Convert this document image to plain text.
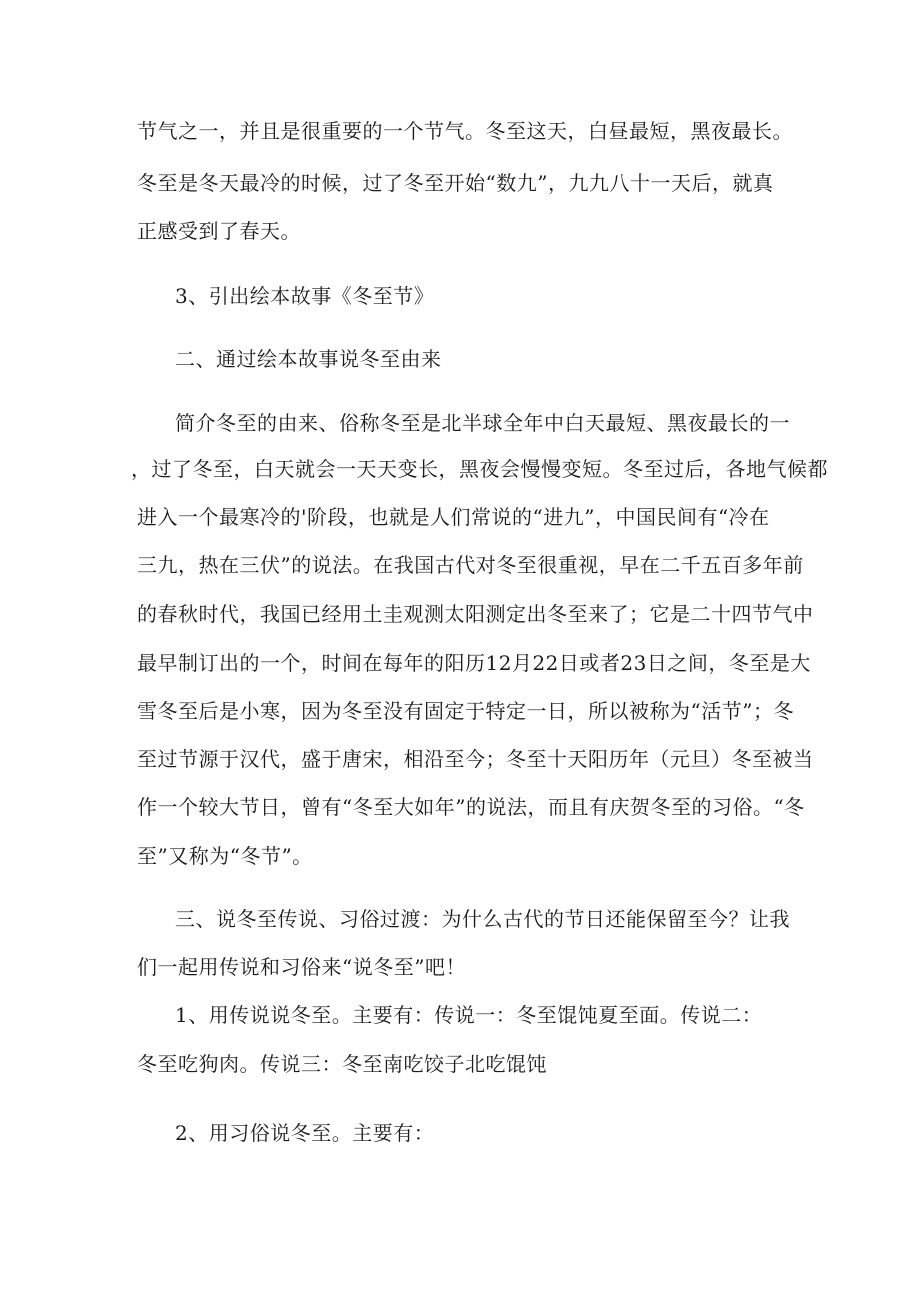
节气之一，并且是很重要的一个节气。冬至这天，白昼最短，黑夜最长。
冬至是冬天最冷的时候，过了冬至开始“数九”，九九八十一天后，就真
正感受到了春天。
3、引出绘本故事《冬至节》
二、通过绘本故事说冬至由来
简介冬至的由来、俗称冬至是北半球全年中白天最短、黑夜最长的一
，过了冬至，白天就会一天天变长，黑夜会慢慢变短。冬至过后，各地气候都
进入一个最寒冷的'阶段，也就是人们常说的“进九”，中国民间有“冷在
三九，热在三伏”的说法。在我国古代对冬至很重视，早在二千五百多年前
的春秋时代，我国已经用土圭观测太阳测定出冬至来了；它是二十四节气中
最早制订出的一个，时间在每年的阳历12月22日或者23日之间，冬至是大
雪冬至后是小寒，因为冬至没有固定于特定一日，所以被称为“活节”；冬
至过节源于汉代，盛于唐宋，相沿至今；冬至十天阳历年（元旦）冬至被当
作一个较大节日，曾有“冬至大如年”的说法，而且有庆贺冬至的习俗。“冬
至”又称为“冬节”。
三、说冬至传说、习俗过渡：为什么古代的节日还能保留至今？让我
们一起用传说和习俗来“说冬至”吧！
1、用传说说冬至。主要有：传说一：冬至馄饨夏至面。传说二：
冬至吃狗肉。传说三：冬至南吃饺子北吃馄饨
2、用习俗说冬至。主要有：
